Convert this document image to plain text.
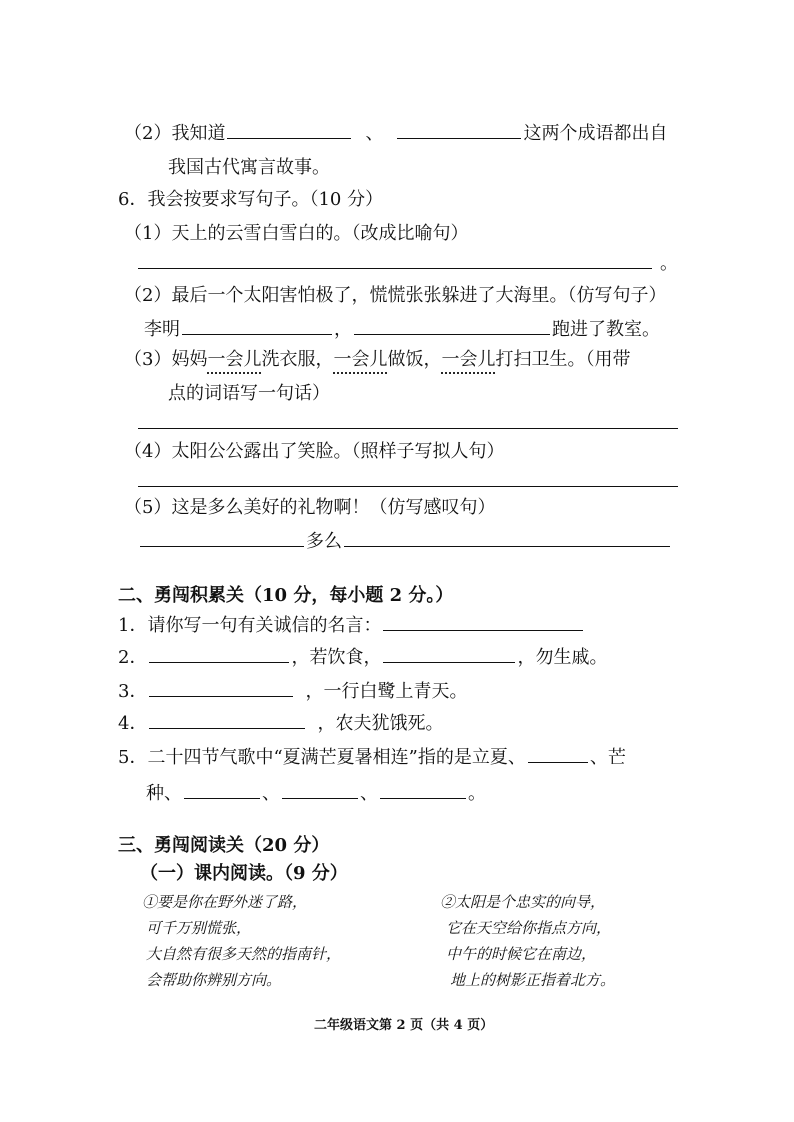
（2）我知道	、	这两个成语都出自
我国古代寓言故事。
6．我会按要求写句子。（10 分）
（1）天上的云雪白雪白的。（改成比喻句）
。
（2）最后一个太阳害怕极了，慌慌张张躲进了大海里。（仿写句子）
李明	，	跑进了教室。
（3）妈妈一会儿洗衣服，一会儿做饭，一会儿打扫卫生。（用带
点的词语写一句话）
（4）太阳公公露出了笑脸。（照样子写拟人句）
（5）这是多么美好的礼物啊！（仿写感叹句）
多么
二、勇闯积累关（10 分，每小题 2 分。）
1．请你写一句有关诚信的名言：
2．	，若饮食，	，勿生戚。
3．	，一行白鹭上青天。
4．	，农夫犹饿死。
5．二十四节气歌中“夏满芒夏暑相连”指的是立夏、	、芒
种、	、	、	。
三、勇闯阅读关（20 分）
（一）课内阅读。（9 分）
①要是你在野外迷了路，
可千万别慌张，
大自然有很多天然的指南针，
会帮助你辨别方向。
②太阳是个忠实的向导，
它在天空给你指点方向，
中午的时候它在南边，
地上的树影正指着北方。
二年级语文第 2 页（共 4 页）
